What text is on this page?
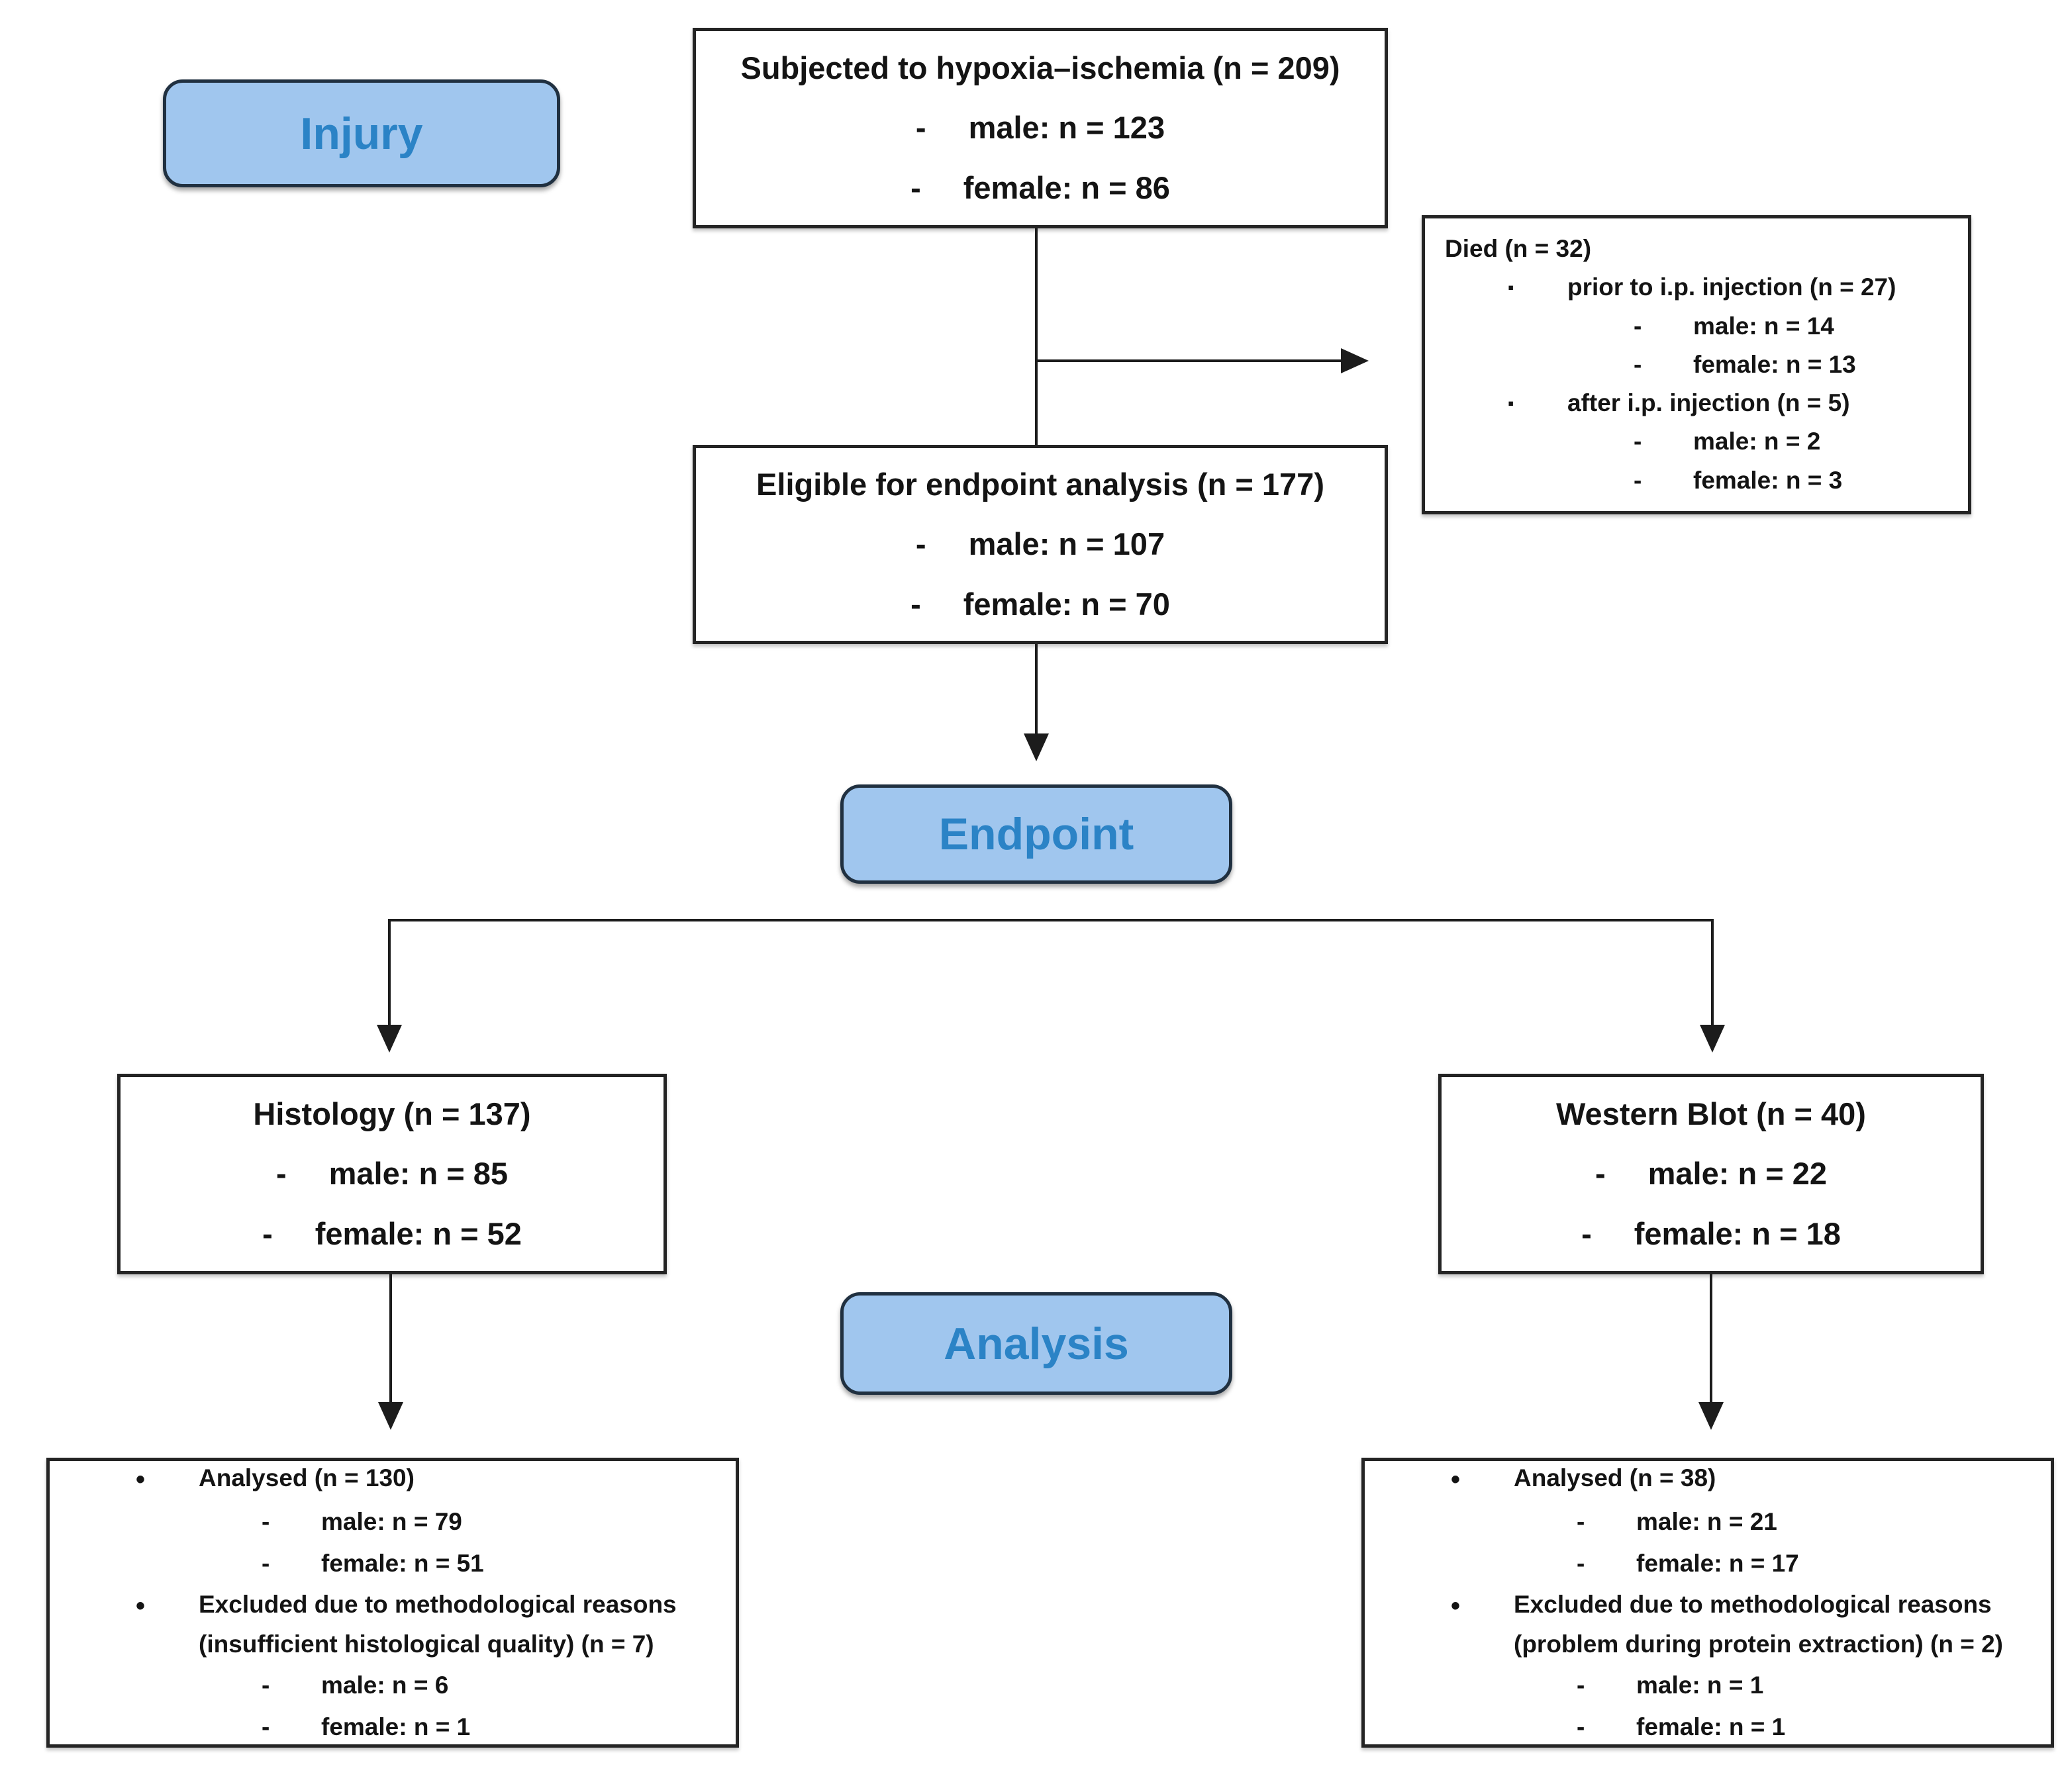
Injury
Subjected to hypoxia–ischemia (n = 209)
- male: n = 123
- female: n = 86
Died (n = 32)
▪	prior to i.p. injection (n = 27)
-	male: n = 14
-	female: n = 13
▪	after i.p. injection (n = 5)
-	male: n = 2
-	female: n = 3
Eligible for endpoint analysis (n = 177)
- male: n = 107
- female: n = 70
Endpoint
Histology (n = 137)
- male: n = 85
- female: n = 52
Western Blot (n = 40)
- male: n = 22
- female: n = 18
Analysis
•	Analysed (n = 130)
-	male: n = 79
-	female: n = 51
•	Excluded due to methodological reasons
(insufficient histological quality) (n = 7)
-	male: n = 6
-	female: n = 1
•	Analysed (n = 38)
-	male: n = 21
-	female: n = 17
•	Excluded due to methodological reasons
(problem during protein extraction) (n = 2)
-	male: n = 1
-	female: n = 1
